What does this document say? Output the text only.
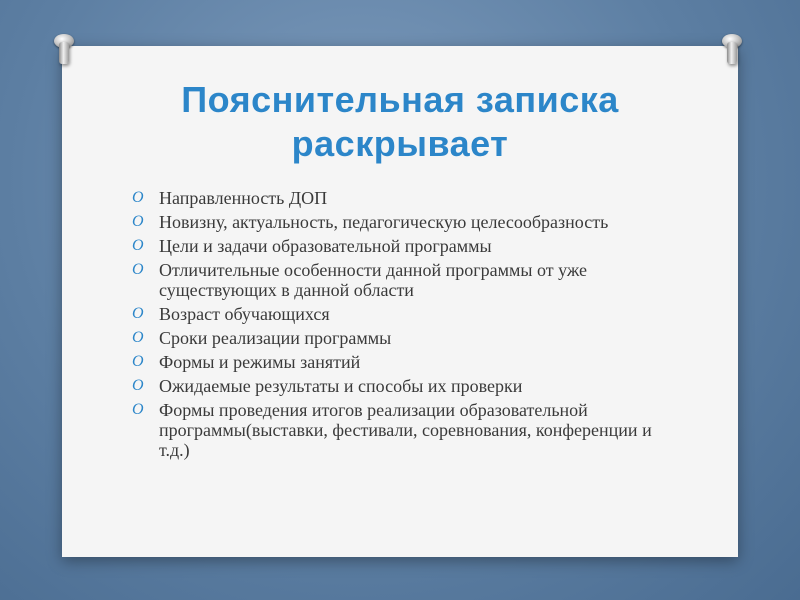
Пояснительная записка
раскрывает
O Направленность ДОП
O Новизну, актуальность, педагогическую целесообразность
O Цели и задачи образовательной программы
O Отличительные особенности данной программы от уже существующих в данной области
O Возраст обучающихся
O Сроки реализации программы
O Формы и режимы занятий
O Ожидаемые результаты и способы их проверки
O Формы проведения итогов реализации образовательной программы(выставки, фестивали, соревнования, конференции и т.д.)
